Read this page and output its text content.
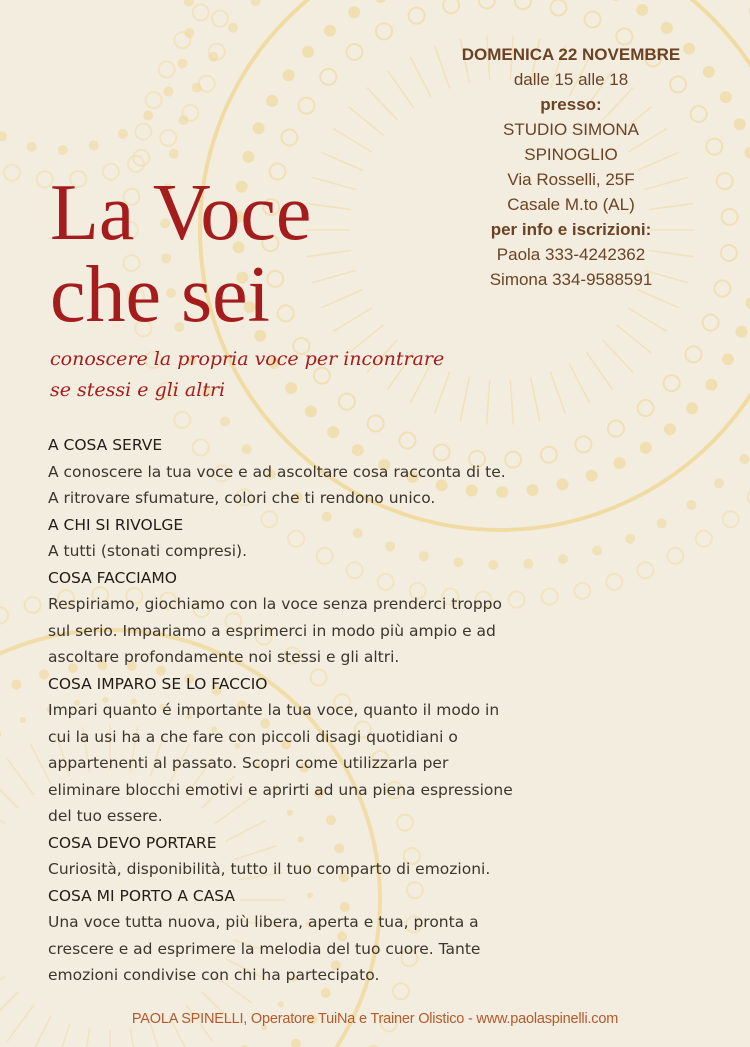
DOMENICA 22 NOVEMBRE
dalle 15 alle 18
presso:
STUDIO SIMONA
SPINOGLIO
Via Rosselli, 25F
Casale M.to (AL)
per info e iscrizioni:
Paola 333-4242362
Simona 334-9588591
La Voce
che sei
conoscere la propria voce per incontrare
se stessi e gli altri
A COSA SERVE
A conoscere la tua voce e ad ascoltare cosa racconta di te.
A ritrovare sfumature, colori che ti rendono unico.
A CHI SI RIVOLGE
A tutti (stonati compresi).
COSA FACCIAMO
Respiriamo, giochiamo con la voce senza prenderci troppo
sul serio. Impariamo a esprimerci in modo più ampio e ad
ascoltare profondamente noi stessi e gli altri.
COSA IMPARO SE LO FACCIO
Impari quanto é importante la tua voce, quanto il modo in
cui la usi ha a che fare con piccoli disagi quotidiani o
appartenenti al passato. Scopri come utilizzarla per
eliminare blocchi emotivi e aprirti ad una piena espressione
del tuo essere.
COSA DEVO PORTARE
Curiosità, disponibilità, tutto il tuo comparto di emozioni.
COSA MI PORTO A CASA
Una voce tutta nuova, più libera, aperta e tua, pronta a
crescere e ad esprimere la melodia del tuo cuore. Tante
emozioni condivise con chi ha partecipato.
PAOLA SPINELLI, Operatore TuiNa e Trainer Olistico - www.paolaspinelli.com
